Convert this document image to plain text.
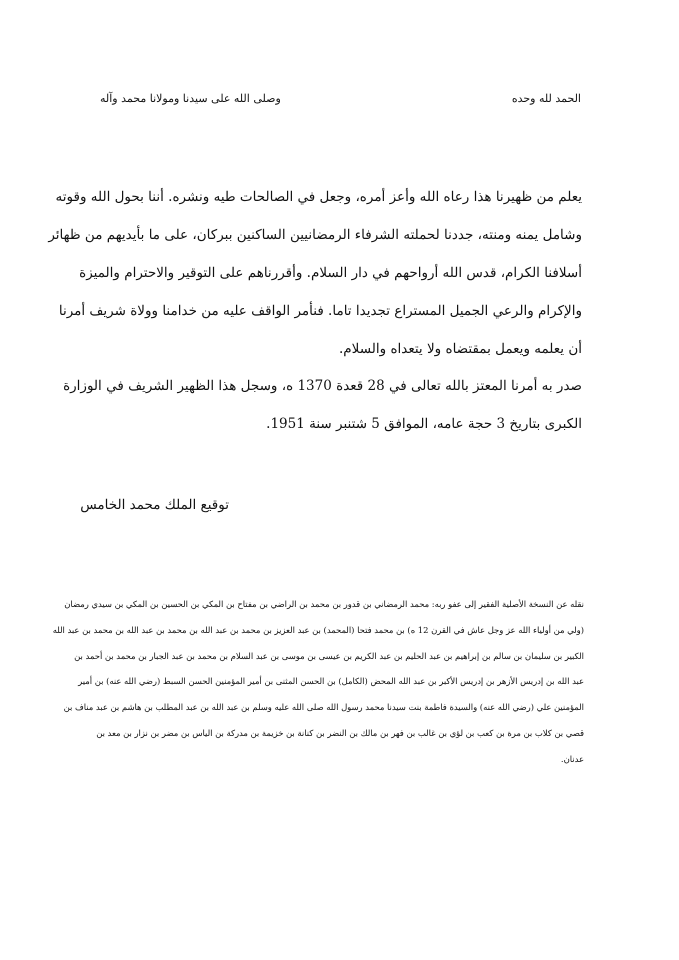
الحمد لله وحده
وصلى الله على سيدنا ومولانا محمد وآله
يعلم من ظهيرنا هذا رعاه الله وأعز أمره، وجعل في الصالحات طيه ونشره. أننا بحول الله وقوته
وشامل يمنه ومنته، جددنا لحملته الشرفاء الرمضانيين الساكنين ببركان، على ما بأيديهم من ظهائر
أسلافنا الكرام، قدس الله أرواحهم في دار السلام. وأقررناهم على التوقير والاحترام والميزة
والإكرام والرعي الجميل المستراع تجديدا تاما. فنأمر الواقف عليه من خدامنا وولاة شريف أمرنا
أن يعلمه ويعمل بمقتضاه ولا يتعداه والسلام.
صدر به أمرنا المعتز بالله تعالى في 28 قعدة 1370 ه، وسجل هذا الظهير الشريف في الوزارة
الكبرى بتاريخ 3 حجة عامه، الموافق 5 شتنبر سنة 1951.
توقيع الملك محمد الخامس
نقله عن النسخة الأصلية الفقير إلى عفو ربه: محمد الرمضاني بن قدور بن محمد بن الراضي بن مفتاح بن المكي بن الحسين بن المكي بن سيدي رمضان
(ولي من أولياء الله عز وجل عاش في القرن 12 ه) بن محمد فتحا (المحمد) بن عبد العزيز بن محمد بن عبد الله بن محمد بن عبد الله بن محمد بن عبد الله
الكبير بن سليمان بن سالم بن إبراهيم بن عبد الحليم بن عبد الكريم بن عيسى بن موسى بن عبد السلام بن محمد بن عبد الجبار بن محمد بن أحمد بن
عبد الله بن إدريس الأزهر بن إدريس الأكبر بن عبد الله المحض (الكامل) بن الحسن المثنى بن أمير المؤمنين الحسن السبط (رضي الله عنه) بن أمير
المؤمنين علي (رضي الله عنه) والسيدة فاطمة بنت سيدنا محمد رسول الله صلى الله عليه وسلم بن عبد الله بن عبد المطلب بن هاشم بن عبد مناف بن
قصي بن كلاب بن مرة بن كعب بن لؤي بن غالب بن فهر بن مالك بن النضر بن كنانة بن خزيمة بن مدركة بن الياس بن مضر بن نزار بن معد بن
عدنان.
